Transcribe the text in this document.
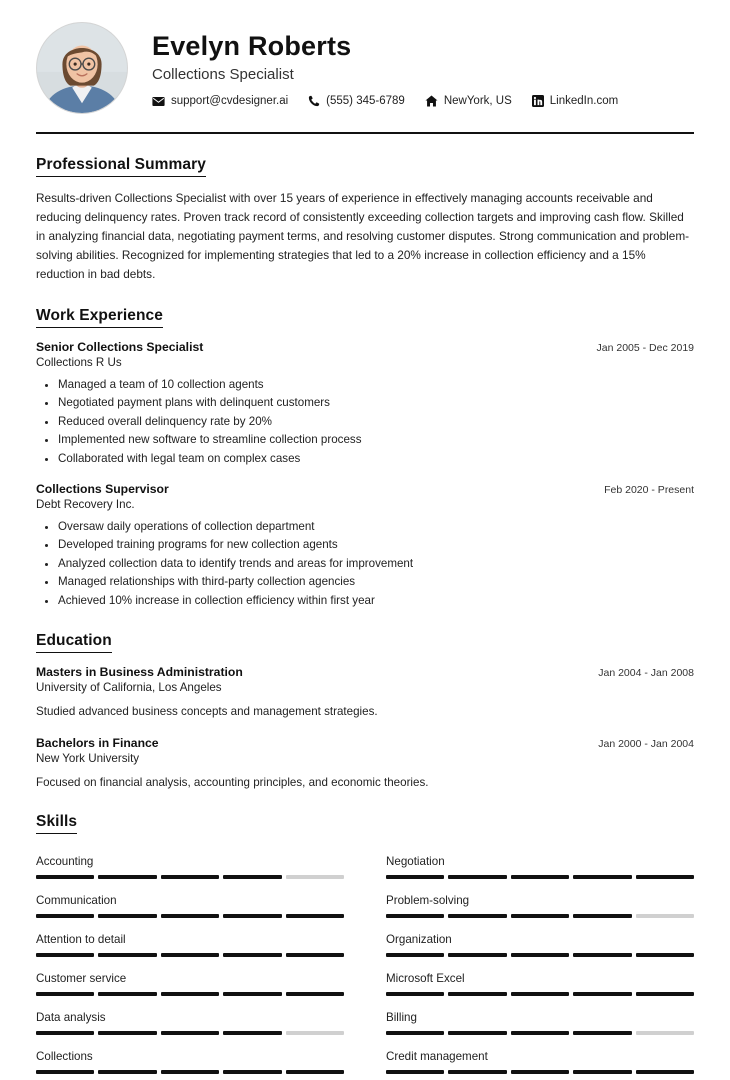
Evelyn Roberts
Collections Specialist
support@cvdesigner.ai	(555) 345-6789	NewYork, US	LinkedIn.com
Professional Summary

Results-driven Collections Specialist with over 15 years of experience in effectively managing accounts receivable and reducing delinquency rates. Proven track record of consistently exceeding collection targets and improving cash flow. Skilled in analyzing financial data, negotiating payment terms, and resolving customer disputes. Strong communication and problem-solving abilities. Recognized for implementing strategies that led to a 20% increase in collection efficiency and a 15% reduction in bad debts.

Work Experience
Senior Collections Specialist	Jan 2005 - Dec 2019
Collections R Us
• Managed a team of 10 collection agents
• Negotiated payment plans with delinquent customers
• Reduced overall delinquency rate by 20%
• Implemented new software to streamline collection process
• Collaborated with legal team on complex cases
Collections Supervisor	Feb 2020 - Present
Debt Recovery Inc.
• Oversaw daily operations of collection department
• Developed training programs for new collection agents
• Analyzed collection data to identify trends and areas for improvement
• Managed relationships with third-party collection agencies
• Achieved 10% increase in collection efficiency within first year
Education
Masters in Business Administration	Jan 2004 - Jan 2008
University of California, Los Angeles

Studied advanced business concepts and management strategies.

Bachelors in Finance	Jan 2000 - Jan 2004
New York University

Focused on financial analysis, accounting principles, and economic theories.

Skills
Accounting	Negotiation
Communication	Problem-solving
Attention to detail	Organization
Customer service	Microsoft Excel
Data analysis	Billing
Collections	Credit management
